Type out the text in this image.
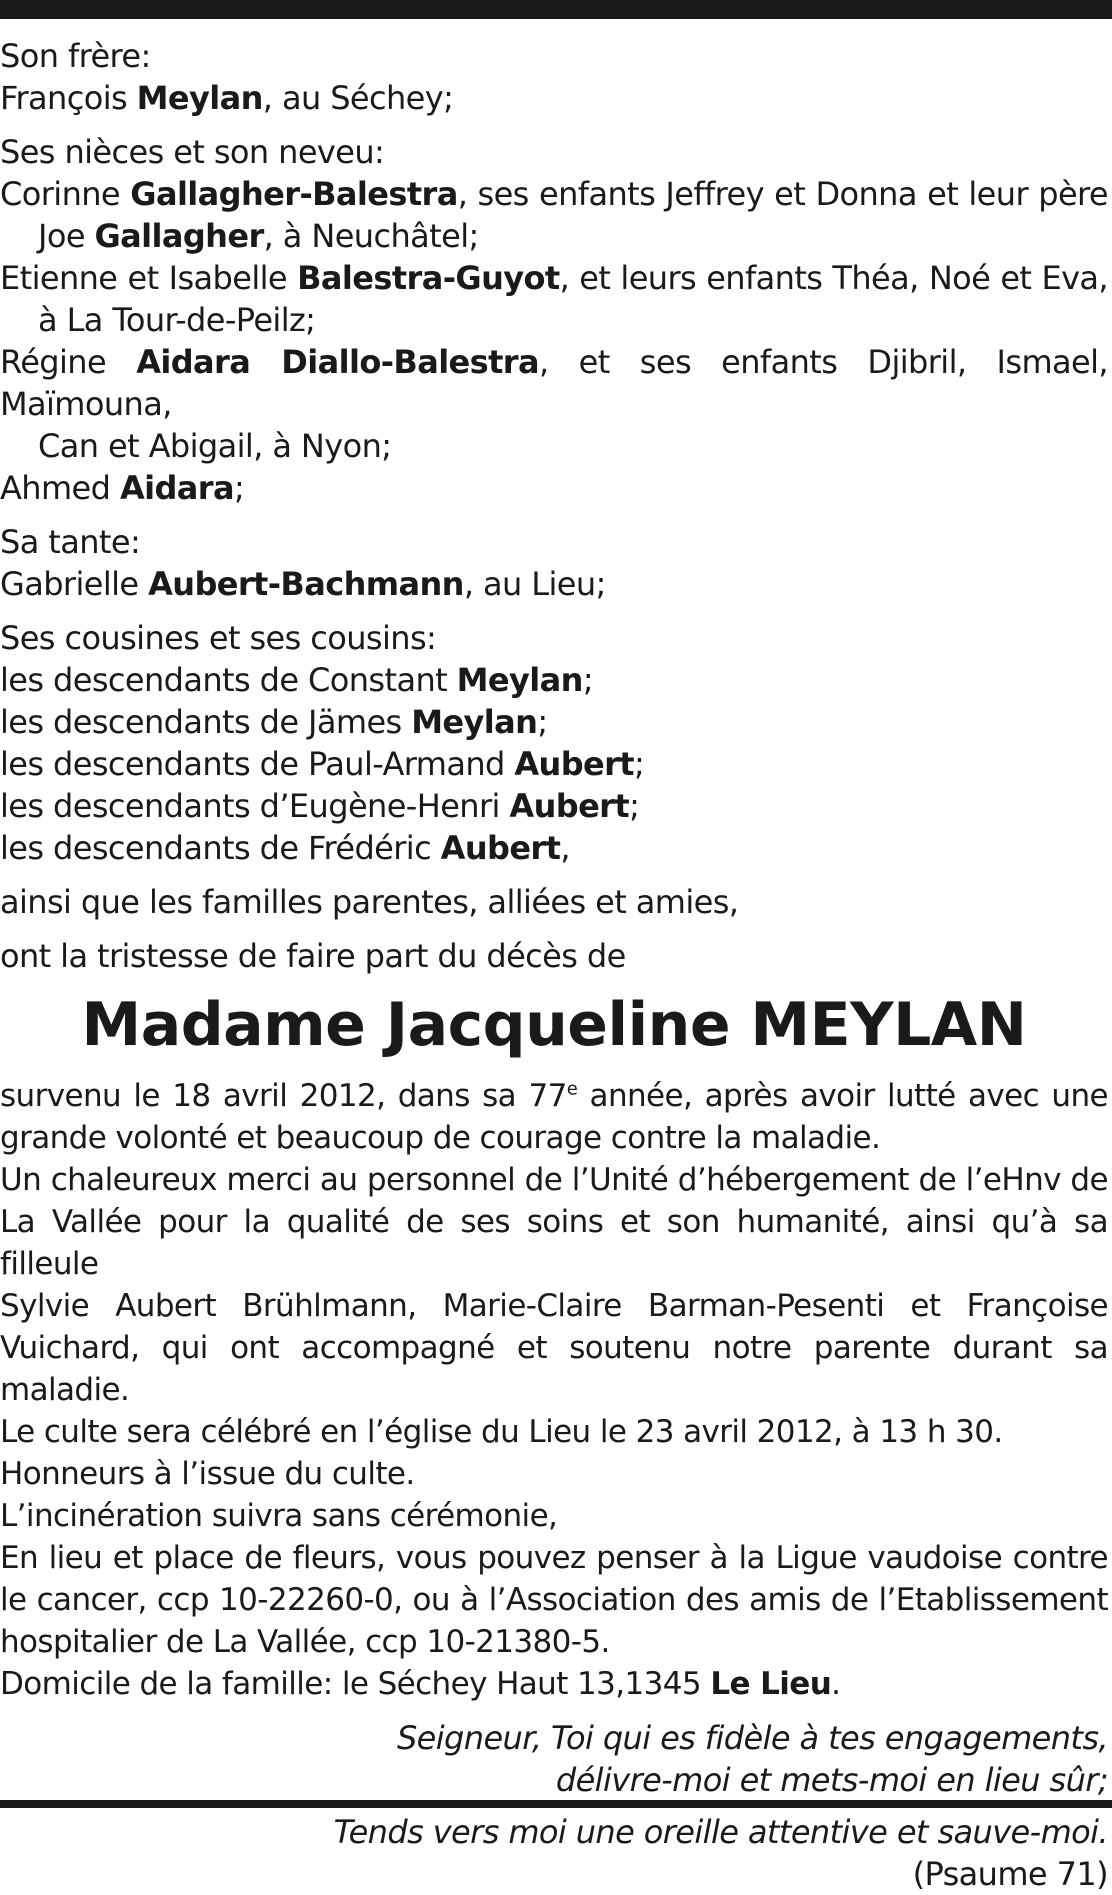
Son frère:
François Meylan, au Séchey;
Ses nièces et son neveu:
Corinne Gallagher-Balestra, ses enfants Jeffrey et Donna et leur père
Joe Gallagher, à Neuchâtel;
Etienne et Isabelle Balestra-Guyot, et leurs enfants Théa, Noé et Eva,
à La Tour-de-Peilz;
Régine Aidara Diallo-Balestra, et ses enfants Djibril, Ismael, Maïmouna,
Can et Abigail, à Nyon;
Ahmed Aidara;
Sa tante:
Gabrielle Aubert-Bachmann, au Lieu;
Ses cousines et ses cousins:
les descendants de Constant Meylan;
les descendants de Jämes Meylan;
les descendants de Paul-Armand Aubert;
les descendants d’Eugène-Henri Aubert;
les descendants de Frédéric Aubert,
ainsi que les familles parentes, alliées et amies,
ont la tristesse de faire part du décès de
Madame Jacqueline MEYLAN
survenu le 18 avril 2012, dans sa 77e année, après avoir lutté avec une
grande volonté et beaucoup de courage contre la maladie.
Un chaleureux merci au personnel de l’Unité d’hébergement de l’eHnv de
La Vallée pour la qualité de ses soins et son humanité, ainsi qu’à sa filleule
Sylvie Aubert Brühlmann, Marie-Claire Barman-Pesenti et Françoise
Vuichard, qui ont accompagné et soutenu notre parente durant sa maladie.
Le culte sera célébré en l’église du Lieu le 23 avril 2012, à 13 h 30.
Honneurs à l’issue du culte.
L’incinération suivra sans cérémonie,
En lieu et place de fleurs, vous pouvez penser à la Ligue vaudoise contre
le cancer, ccp 10-22260-0, ou à l’Association des amis de l’Etablissement
hospitalier de La Vallée, ccp 10-21380-5.
Domicile de la famille: le Séchey Haut 13,1345 Le Lieu.
Seigneur, Toi qui es fidèle à tes engagements,
délivre-moi et mets-moi en lieu sûr;
Tends vers moi une oreille attentive et sauve-moi.
(Psaume 71)
